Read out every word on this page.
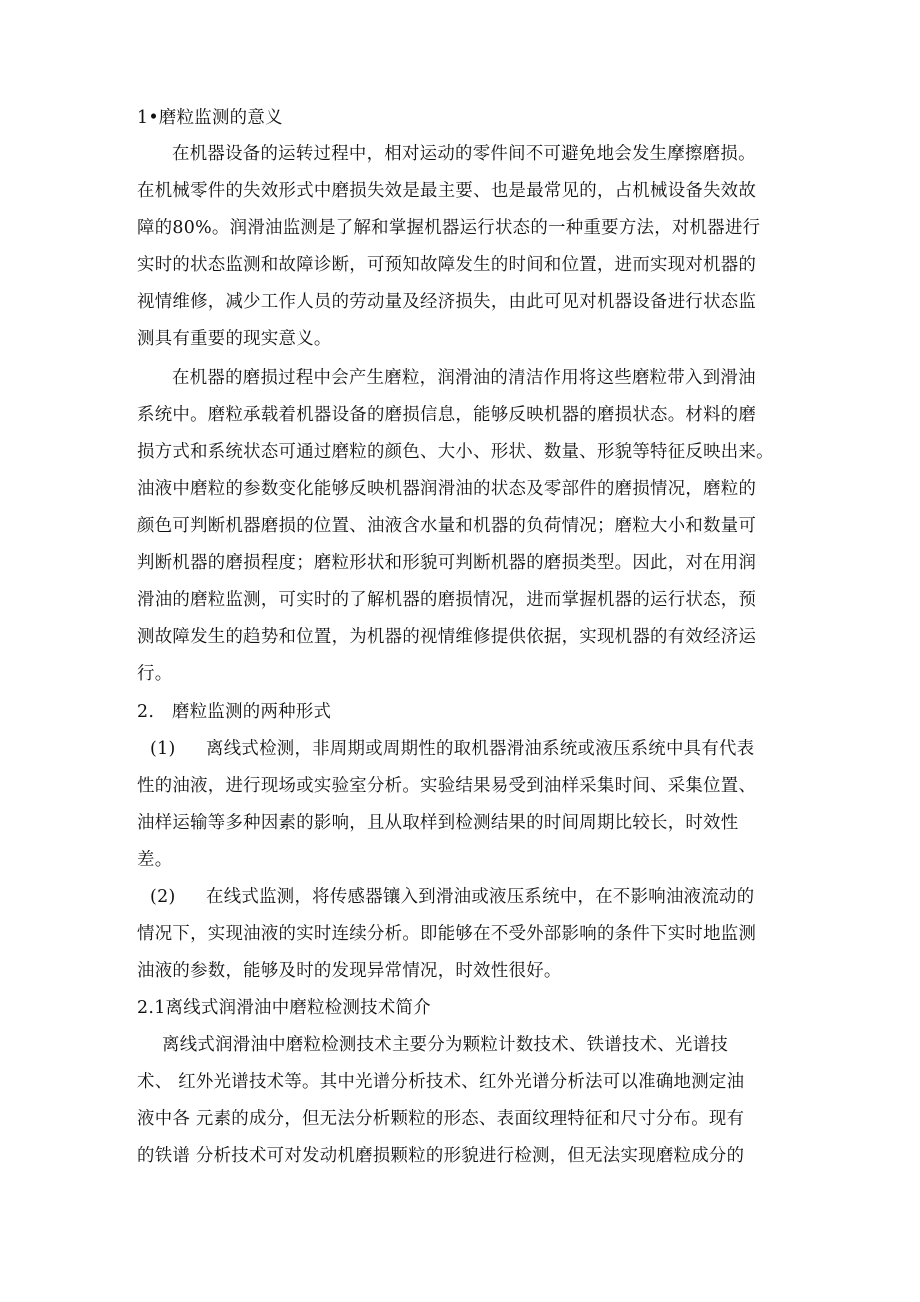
1•磨粒监测的意义
在机器设备的运转过程中，相对运动的零件间不可避免地会发生摩擦磨损。
在机械零件的失效形式中磨损失效是最主要、也是最常见的，占机械设备失效故
障的80%。润滑油监测是了解和掌握机器运行状态的一种重要方法，对机器进行
实时的状态监测和故障诊断，可预知故障发生的时间和位置，进而实现对机器的
视情维修，减少工作人员的劳动量及经济损失，由此可见对机器设备进行状态监
测具有重要的现实意义。
在机器的磨损过程中会产生磨粒，润滑油的清洁作用将这些磨粒带入到滑油
系统中。磨粒承载着机器设备的磨损信息，能够反映机器的磨损状态。材料的磨
损方式和系统状态可通过磨粒的颜色、大小、形状、数量、形貌等特征反映出来。
油液中磨粒的参数变化能够反映机器润滑油的状态及零部件的磨损情况，磨粒的
颜色可判断机器磨损的位置、油液含水量和机器的负荷情况；磨粒大小和数量可
判断机器的磨损程度；磨粒形状和形貌可判断机器的磨损类型。因此，对在用润
滑油的磨粒监测，可实时的了解机器的磨损情况，进而掌握机器的运行状态，预
测故障发生的趋势和位置，为机器的视情维修提供依据，实现机器的有效经济运
行。
2. 磨粒监测的两种形式
(1) 离线式检测，非周期或周期性的取机器滑油系统或液压系统中具有代表
性的油液，进行现场或实验室分析。实验结果易受到油样采集时间、采集位置、
油样运输等多种因素的影响，且从取样到检测结果的时间周期比较长，时效性
差。
(2) 在线式监测，将传感器镶入到滑油或液压系统中，在不影响油液流动的
情况下，实现油液的实时连续分析。即能够在不受外部影响的条件下实时地监测
油液的参数，能够及时的发现异常情况，时效性很好。
2.1离线式润滑油中磨粒检测技术简介
离线式润滑油中磨粒检测技术主要分为颗粒计数技术、铁谱技术、光谱技
术、 红外光谱技术等。其中光谱分析技术、红外光谱分析法可以准确地测定油
液中各 元素的成分，但无法分析颗粒的形态、表面纹理特征和尺寸分布。现有
的铁谱 分析技术可对发动机磨损颗粒的形貌进行检测，但无法实现磨粒成分的
